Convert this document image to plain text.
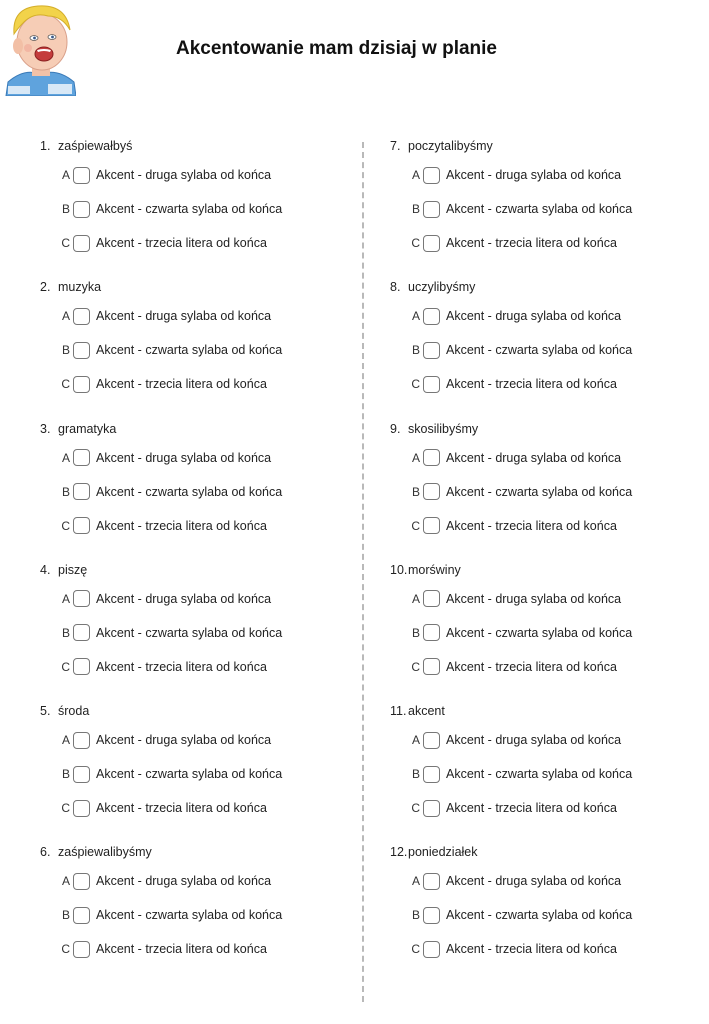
Akcentowanie mam dzisiaj w planie
1. zaśpiewałbyś
A Akcent - druga sylaba od końca
B Akcent - czwarta sylaba od końca
C Akcent - trzecia litera od końca
2. muzyka
A Akcent - druga sylaba od końca
B Akcent - czwarta sylaba od końca
C Akcent - trzecia litera od końca
3. gramatyka
A Akcent - druga sylaba od końca
B Akcent - czwarta sylaba od końca
C Akcent - trzecia litera od końca
4. piszę
A Akcent - druga sylaba od końca
B Akcent - czwarta sylaba od końca
C Akcent - trzecia litera od końca
5. środa
A Akcent - druga sylaba od końca
B Akcent - czwarta sylaba od końca
C Akcent - trzecia litera od końca
6. zaśpiewalibyśmy
A Akcent - druga sylaba od końca
B Akcent - czwarta sylaba od końca
C Akcent - trzecia litera od końca
7. poczytalibyśmy
A Akcent - druga sylaba od końca
B Akcent - czwarta sylaba od końca
C Akcent - trzecia litera od końca
8. uczylibyśmy
A Akcent - druga sylaba od końca
B Akcent - czwarta sylaba od końca
C Akcent - trzecia litera od końca
9. skosilibyśmy
A Akcent - druga sylaba od końca
B Akcent - czwarta sylaba od końca
C Akcent - trzecia litera od końca
10.morświny
A Akcent - druga sylaba od końca
B Akcent - czwarta sylaba od końca
C Akcent - trzecia litera od końca
11. akcent
A Akcent - druga sylaba od końca
B Akcent - czwarta sylaba od końca
C Akcent - trzecia litera od końca
12.poniedziałek
A Akcent - druga sylaba od końca
B Akcent - czwarta sylaba od końca
C Akcent - trzecia litera od końca
